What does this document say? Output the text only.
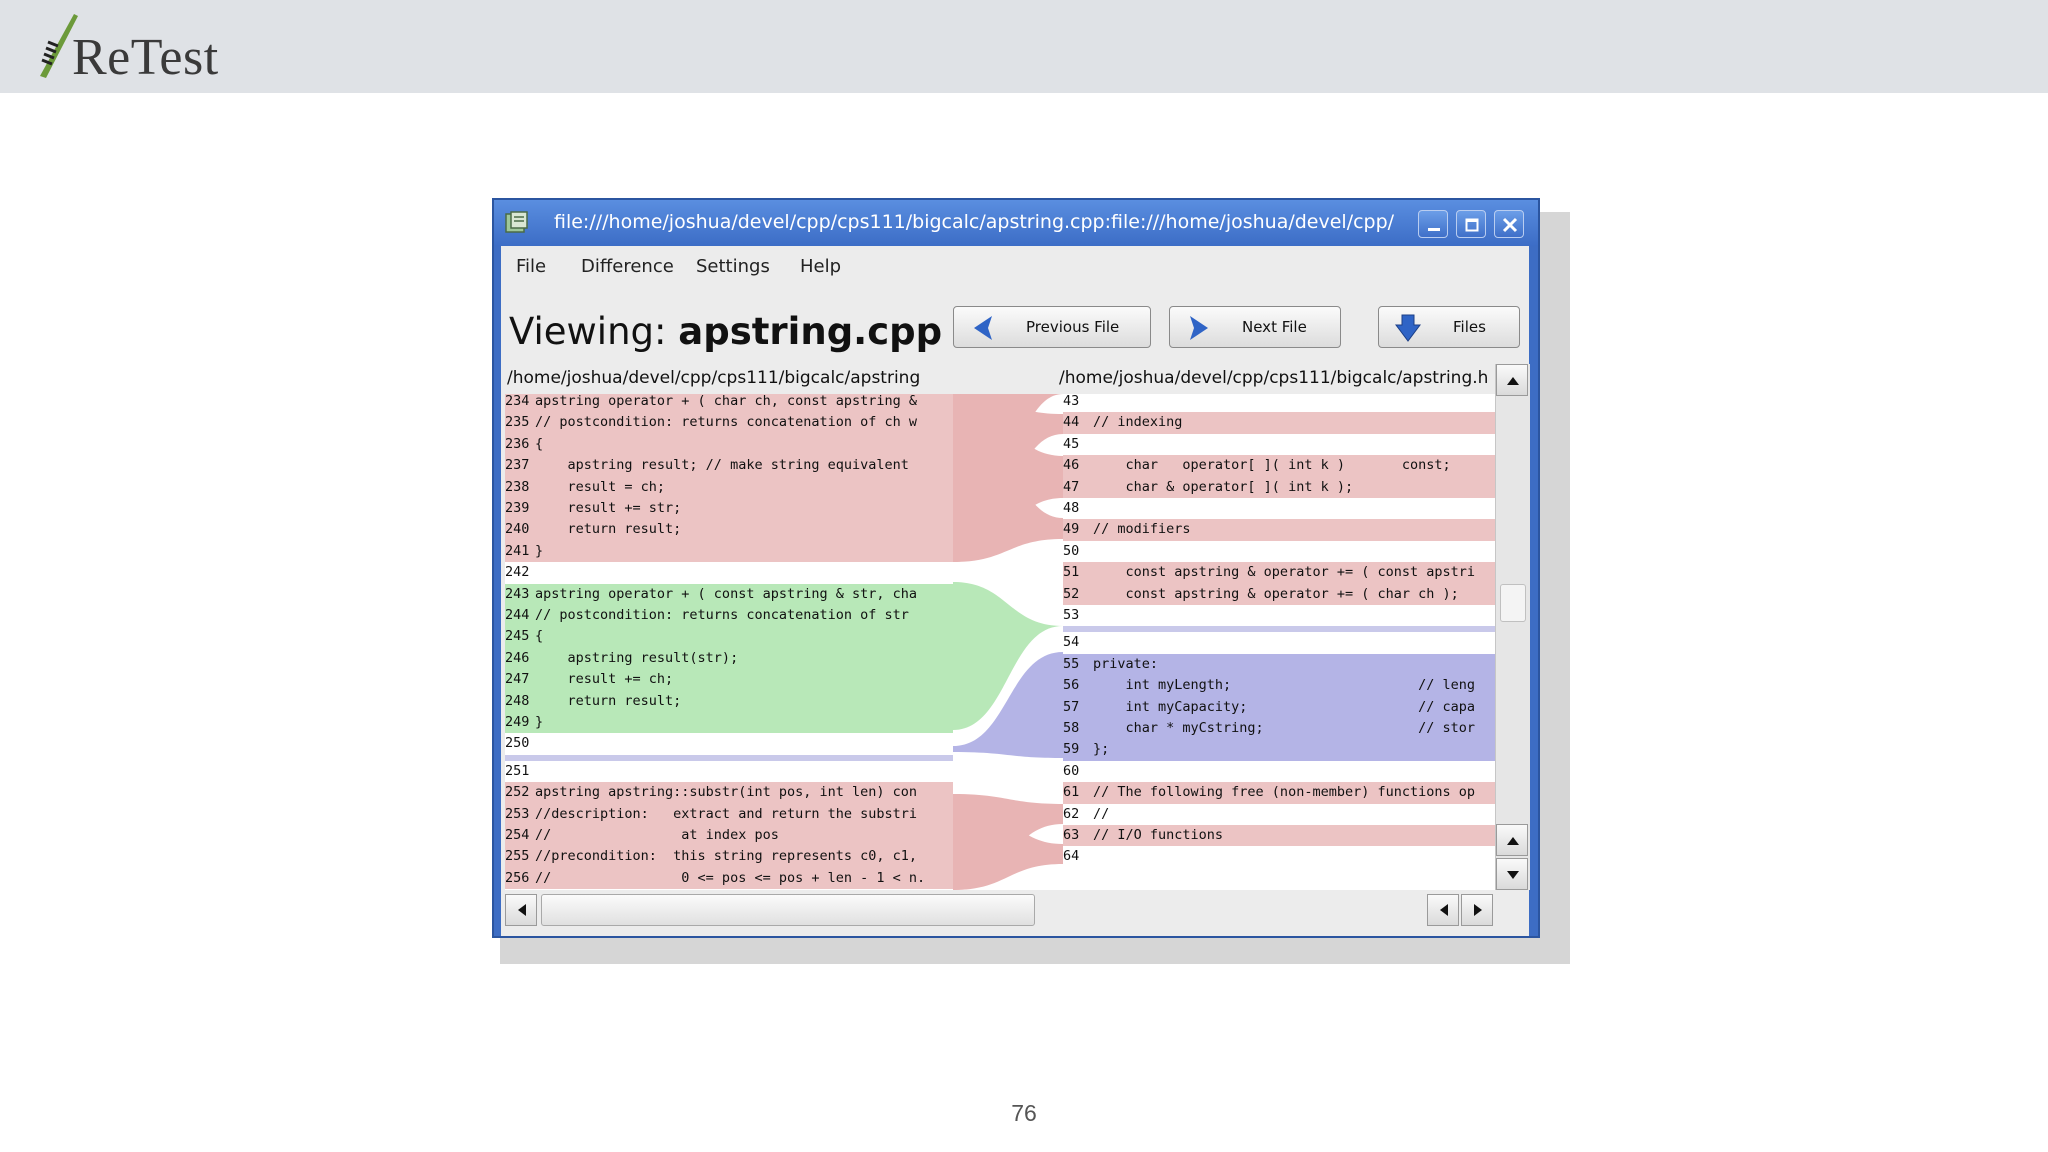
ReTest
file:///home/joshua/devel/cpp/cps111/bigcalc/apstring.cpp:file:///home/joshua/devel/cpp/
File Difference Settings Help
Viewing: apstring.cpp	Previous File	Next File	Files
/home/joshua/devel/cpp/cps111/bigcalc/apstring	/home/joshua/devel/cpp/cps111/bigcalc/apstring.h
234 apstring operator + ( char ch, const apstring &
235 // postcondition: returns concatenation of ch w
236 {
237    apstring result; // make string equivalent
238    result = ch;
239    result += str;
240    return result;
241 }
242
243 apstring operator + ( const apstring & str, cha
244 // postcondition: returns concatenation of str
245 {
246    apstring result(str);
247    result += ch;
248    return result;
249 }
250
251
252 apstring apstring::substr(int pos, int len) con
253 //description:   extract and return the substri
254 //                at index pos
255 //precondition:  this string represents c0, c1,
256 //                0 <= pos <= pos + len - 1 < n.
43
44 // indexing
45
46    char   operator[ ]( int k )       const;
47    char & operator[ ]( int k );
48
49 // modifiers
50
51    const apstring & operator += ( const apstri
52    const apstring & operator += ( char ch );
53
54
55 private:
56    int myLength;                       // leng
57    int myCapacity;                     // capa
58    char * myCstring;                   // stor
59 };
60
61 // The following free (non-member) functions op
62 //
63 // I/O functions
64
76
